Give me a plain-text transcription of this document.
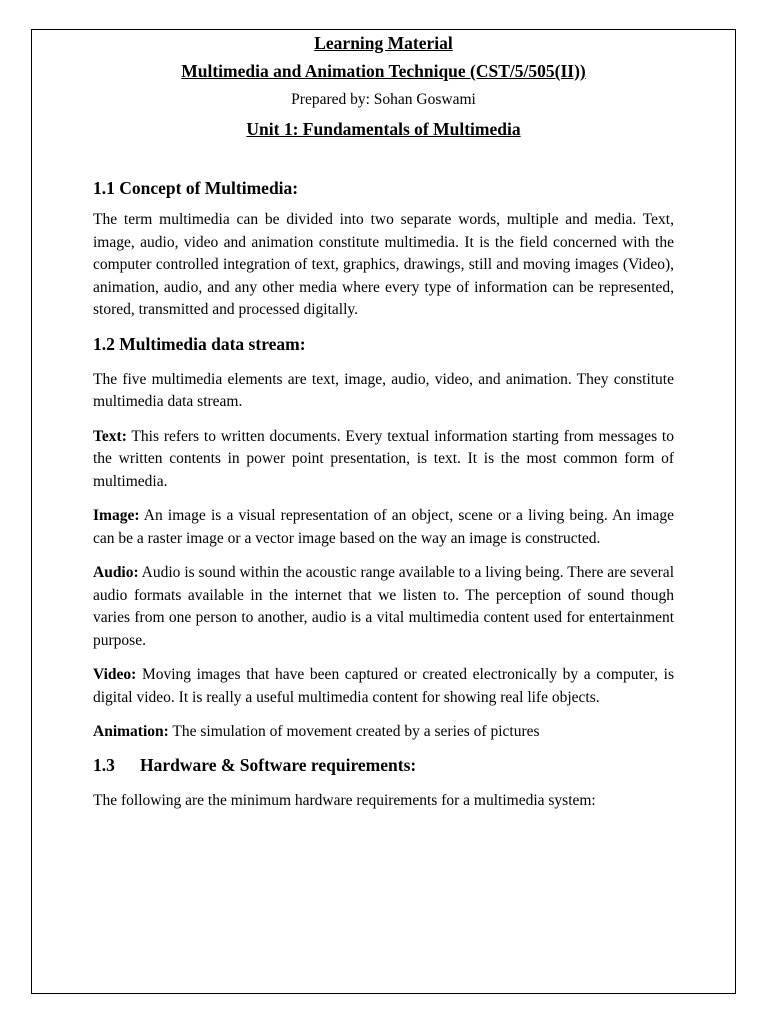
Learning Material
Multimedia and Animation Technique (CST/5/505(II))
Prepared by: Sohan Goswami
Unit 1: Fundamentals of Multimedia
1.1 Concept of Multimedia:

The term multimedia can be divided into two separate words, multiple and media. Text, image, audio, video and animation constitute multimedia. It is the field concerned with the computer controlled integration of text, graphics, drawings, still and moving images (Video), animation, audio, and any other media where every type of information can be represented, stored, transmitted and processed digitally.

1.2 Multimedia data stream:

The five multimedia elements are text, image, audio, video, and animation. They constitute multimedia data stream.

Text: This refers to written documents. Every textual information starting from messages to the written contents in power point presentation, is text. It is the most common form of multimedia.

Image: An image is a visual representation of an object, scene or a living being. An image can be a raster image or a vector image based on the way an image is constructed.

Audio: Audio is sound within the acoustic range available to a living being. There are several audio formats available in the internet that we listen to. The perception of sound though varies from one person to another, audio is a vital multimedia content used for entertainment purpose.

Video: Moving images that have been captured or created electronically by a computer, is digital video. It is really a useful multimedia content for showing real life objects.

Animation: The simulation of movement created by a series of pictures

1.3 Hardware & Software requirements:

The following are the minimum hardware requirements for a multimedia system:
